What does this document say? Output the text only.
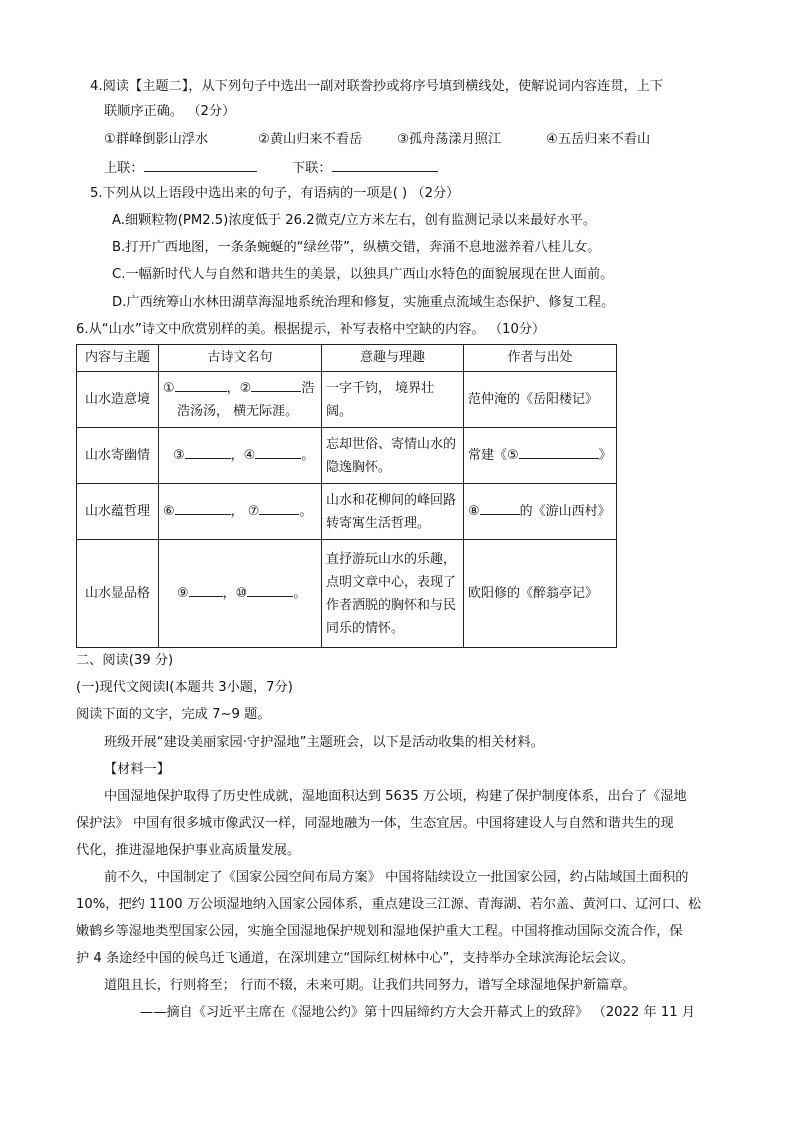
4.阅读【主题二】，从下列句子中选出一副对联誊抄或将序号填到横线处，使解说词内容连贯，上下
联顺序正确。 （2分）
①群峰倒影山浮水	②黄山归来不看岳	③孤舟荡漾月照江	④五岳归来不看山
上联：	下联：
5.下列从以上语段中选出来的句子，有语病的一项是( ) （2分）
A.细颗粒物(PM2.5)浓度低于 26.2微克/立方米左右，创有监测记录以来最好水平。
B.打开广西地图，一条条蜿蜒的“绿丝带”，纵横交错，奔涌不息地滋养着八桂儿女。
C.一幅新时代人与自然和谐共生的美景，以独具广西山水特色的面貌展现在世人面前。
D.广西统筹山水林田湖草海湿地系统治理和修复，实施重点流域生态保护、修复工程。
6.从“山水”诗文中欣赏别样的美。根据提示，补写表格中空缺的内容。 （10分）
内容与主题	古诗文名句	意趣与理趣	作者与出处
山水造意境	① ，② 浩
浩汤汤， 横无际涯。	一字千钧， 境界壮阔。	范仲淹的《岳阳楼记》
山水寄幽情	③ ，④ 。	忘却世俗、寄情山水的隐逸胸怀。	常建《⑤ 》
山水蕴哲理	⑥ ， ⑦ 。	山水和花柳间的峰回路转寄寓生活哲理。	⑧ 的《游山西村》
山水显品格	⑨ ，⑩ 。	直抒游玩山水的乐趣，点明文章中心，表现了作者洒脱的胸怀和与民同乐的情怀。	欧阳修的《醉翁亭记》
二、阅读(39 分)
(一)现代文阅读Ⅰ(本题共 3小题，7分)
阅读下面的文字，完成 7~9 题。
班级开展“建设美丽家园·守护湿地”主题班会，以下是活动收集的相关材料。
【材料一】
中国湿地保护取得了历史性成就，湿地面积达到 5635 万公顷，构建了保护制度体系，出台了《湿地
保护法》 中国有很多城市像武汉一样，同湿地融为一体，生态宜居。中国将建设人与自然和谐共生的现
代化，推进湿地保护事业高质量发展。
前不久，中国制定了《国家公园空间布局方案》 中国将陆续设立一批国家公园，约占陆域国土面积的
10%，把约 1100 万公顷湿地纳入国家公园体系，重点建设三江源、青海湖、若尔盖、黄河口、辽河口、松
嫩鹤乡等湿地类型国家公园，实施全国湿地保护规划和湿地保护重大工程。中国将推动国际交流合作，保
护 4 条途经中国的候鸟迁飞通道，在深圳建立“国际红树林中心”，支持举办全球滨海论坛会议。
道阻且长，行则将至； 行而不辍，未来可期。让我们共同努力，谱写全球湿地保护新篇章。
——摘自《习近平主席在《湿地公约》第十四届缔约方大会开幕式上的致辞》 （2022 年 11 月
